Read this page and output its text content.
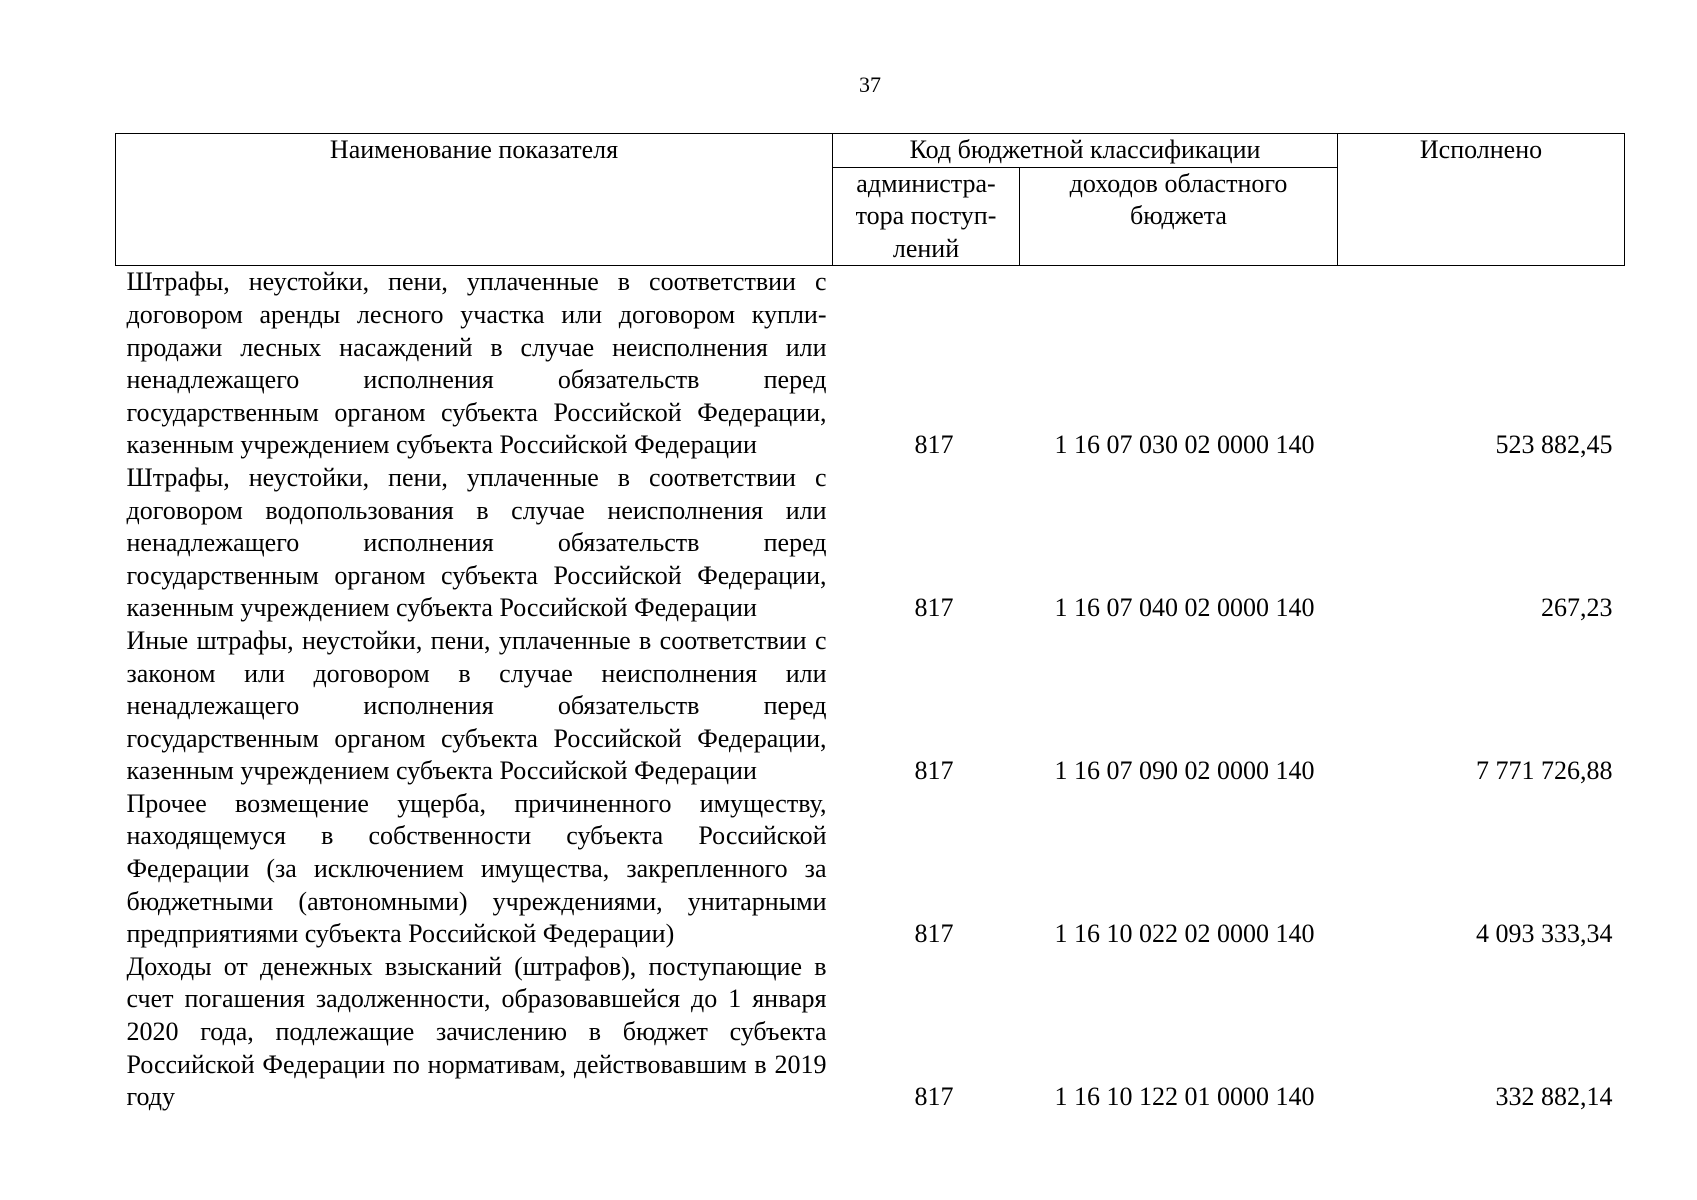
37
Наименование показателя	Код бюджетной классификации		Исполнено
	администра-тора поступ-лений	доходов областного бюджета	
Штрафы, неустойки, пени, уплаченные в соответствии с договором аренды лесного участка или договором купли-продажи лесных насаждений в случае неисполнения или ненадлежащего исполнения обязательств перед государственным органом субъекта Российской Федерации, казенным учреждением субъекта Российской Федерации	817	1 16 07 030 02 0000 140	523 882,45
Штрафы, неустойки, пени, уплаченные в соответствии с договором водопользования в случае неисполнения или ненадлежащего исполнения обязательств перед государственным органом субъекта Российской Федерации, казенным учреждением субъекта Российской Федерации	817	1 16 07 040 02 0000 140	267,23
Иные штрафы, неустойки, пени, уплаченные в соответствии с законом или договором в случае неисполнения или ненадлежащего исполнения обязательств перед государственным органом субъекта Российской Федерации, казенным учреждением субъекта Российской Федерации	817	1 16 07 090 02 0000 140	7 771 726,88
Прочее возмещение ущерба, причиненного имуществу, находящемуся в собственности субъекта Российской Федерации (за исключением имущества, закрепленного за бюджетными (автономными) учреждениями, унитарными предприятиями субъекта Российской Федерации)	817	1 16 10 022 02 0000 140	4 093 333,34
Доходы от денежных взысканий (штрафов), поступающие в счет погашения задолженности, образовавшейся до 1 января 2020 года, подлежащие зачислению в бюджет субъекта Российской Федерации по нормативам, действовавшим в 2019 году	817	1 16 10 122 01 0000 140	332 882,14
